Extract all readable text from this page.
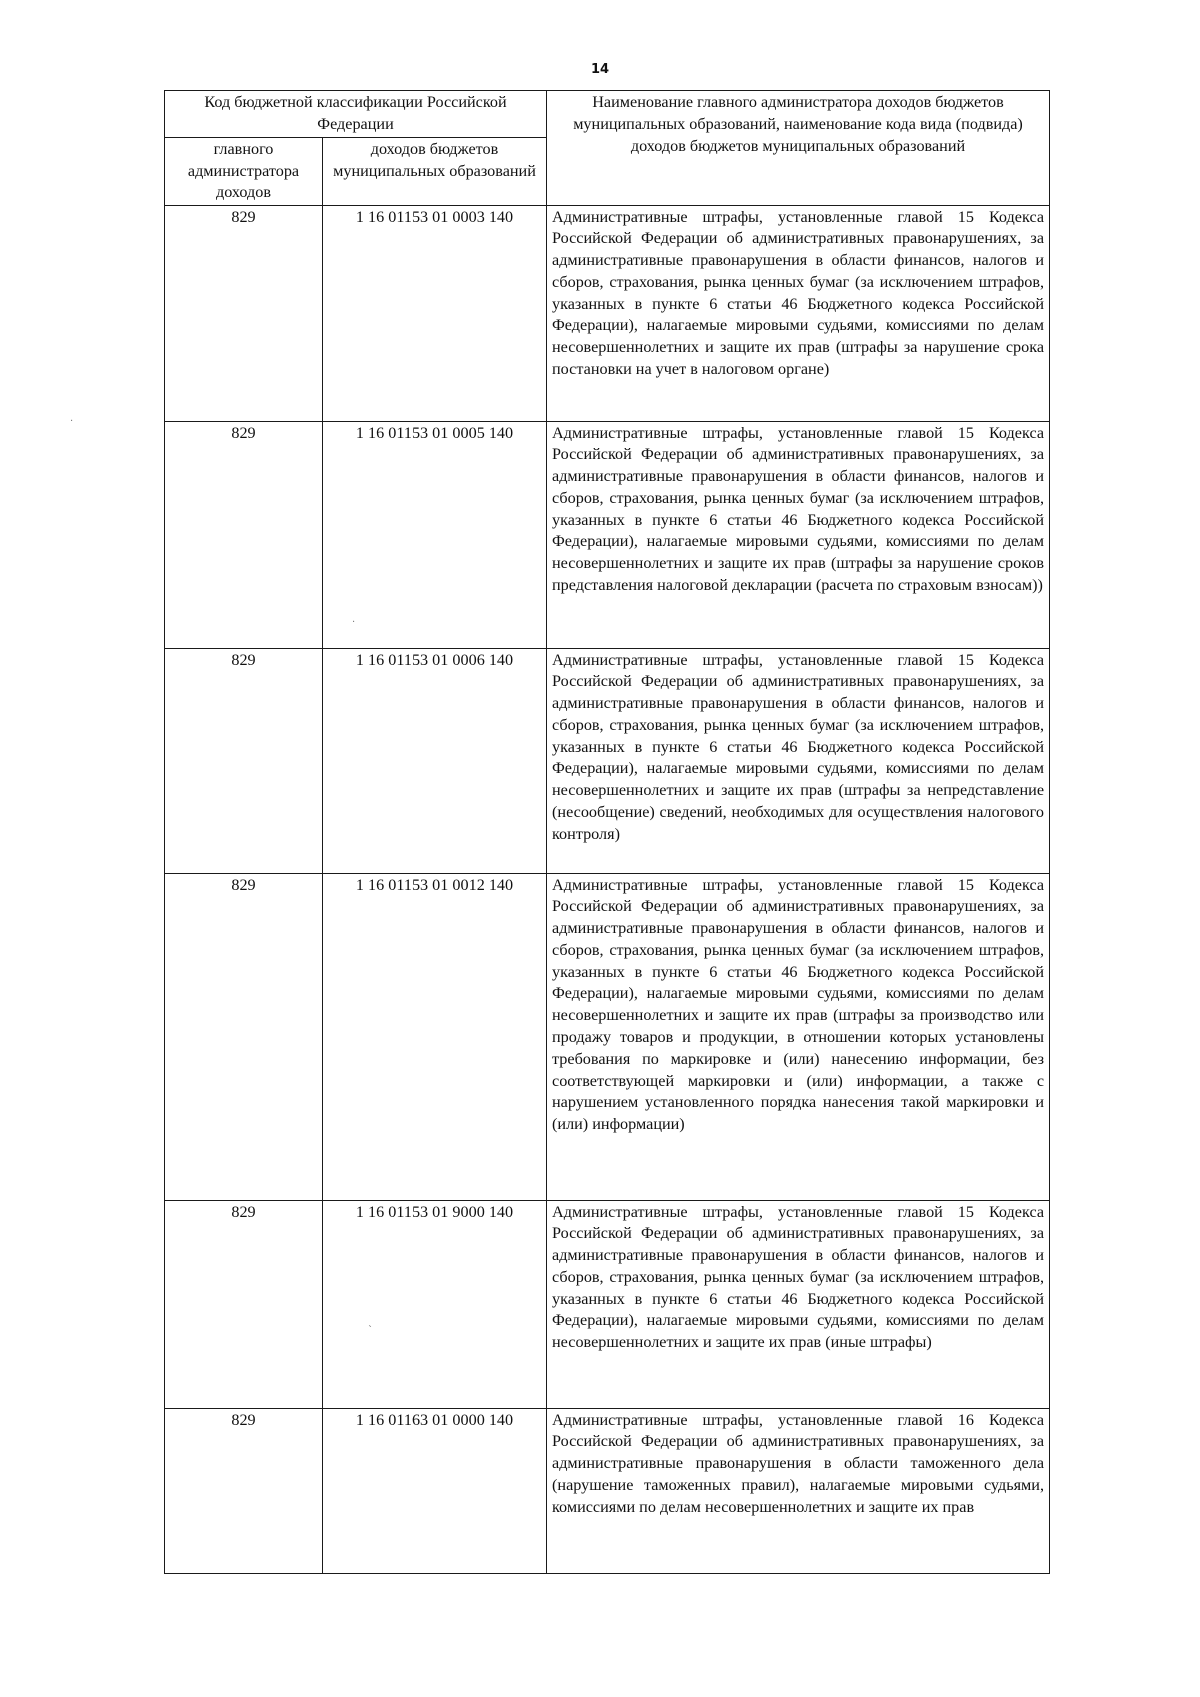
14
Код бюджетной классификации Российской Федерации		Наименование главного администратора доходов бюджетов муниципальных образований, наименование кода вида (подвида) доходов бюджетов муниципальных образований
главного администратора доходов	доходов бюджетов муниципальных образований	
829	1 16 01153 01 0003 140	Административные штрафы, установленные главой 15 Кодекса Российской Федерации об административных правонарушениях, за административные правонарушения в области финансов, налогов и сборов, страхования, рынка ценных бумаг (за исключением штрафов, указанных в пункте 6 статьи 46 Бюджетного кодекса Российской Федерации), налагаемые мировыми судьями, комиссиями по делам несовершеннолетних и защите их прав (штрафы за нарушение срока постановки на учет в налоговом органе)
829	1 16 01153 01 0005 140	Административные штрафы, установленные главой 15 Кодекса Российской Федерации об административных правонарушениях, за административные правонарушения в области финансов, налогов и сборов, страхования, рынка ценных бумаг (за исключением штрафов, указанных в пункте 6 статьи 46 Бюджетного кодекса Российской Федерации), налагаемые мировыми судьями, комиссиями по делам несовершеннолетних и защите их прав (штрафы за нарушение сроков представления налоговой декларации (расчета по страховым взносам))
829	1 16 01153 01 0006 140	Административные штрафы, установленные главой 15 Кодекса Российской Федерации об административных правонарушениях, за административные правонарушения в области финансов, налогов и сборов, страхования, рынка ценных бумаг (за исключением штрафов, указанных в пункте 6 статьи 46 Бюджетного кодекса Российской Федерации), налагаемые мировыми судьями, комиссиями по делам несовершеннолетних и защите их прав (штрафы за непредставление (несообщение) сведений, необходимых для осуществления налогового контроля)
829	1 16 01153 01 0012 140	Административные штрафы, установленные главой 15 Кодекса Российской Федерации об административных правонарушениях, за административные правонарушения в области финансов, налогов и сборов, страхования, рынка ценных бумаг (за исключением штрафов, указанных в пункте 6 статьи 46 Бюджетного кодекса Российской Федерации), налагаемые мировыми судьями, комиссиями по делам несовершеннолетних и защите их прав (штрафы за производство или продажу товаров и продукции, в отношении которых установлены требования по маркировке и (или) нанесению информации, без соответствующей маркировки и (или) информации, а также с нарушением установленного порядка нанесения такой маркировки и (или) информации)
829	1 16 01153 01 9000 140	Административные штрафы, установленные главой 15 Кодекса Российской Федерации об административных правонарушениях, за административные правонарушения в области финансов, налогов и сборов, страхования, рынка ценных бумаг (за исключением штрафов, указанных в пункте 6 статьи 46 Бюджетного кодекса Российской Федерации), налагаемые мировыми судьями, комиссиями по делам несовершеннолетних и защите их прав (иные штрафы)
829	1 16 01163 01 0000 140	Административные штрафы, установленные главой 16 Кодекса Российской Федерации об административных правонарушениях, за административные правонарушения в области таможенного дела (нарушение таможенных правил), налагаемые мировыми судьями, комиссиями по делам несовершеннолетних и защите их прав
·
·
ˋ
